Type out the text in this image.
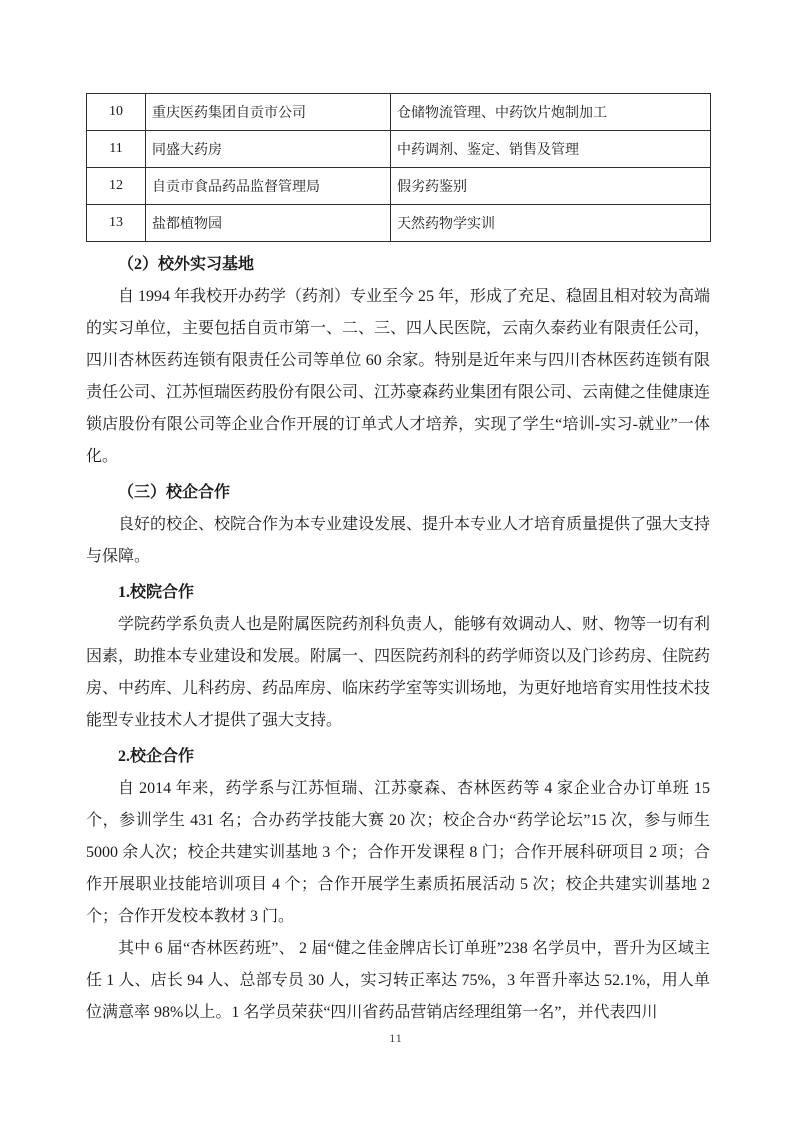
10	重庆医药集团自贡市公司	仓储物流管理、中药饮片炮制加工
11	同盛大药房	中药调剂、鉴定、销售及管理
12	自贡市食品药品监督管理局	假劣药鉴别
13	盐都植物园	天然药物学实训
（2）校外实习基地

自 1994 年我校开办药学（药剂）专业至今 25 年，形成了充足、稳固且相对较为高端的实习单位，主要包括自贡市第一、二、三、四人民医院，云南久泰药业有限责任公司，四川杏林医药连锁有限责任公司等单位 60 余家。特别是近年来与四川杏林医药连锁有限责任公司、江苏恒瑞医药股份有限公司、江苏豪森药业集团有限公司、云南健之佳健康连锁店股份有限公司等企业合作开展的订单式人才培养，实现了学生“培训-实习-就业”一体化。

（三）校企合作

良好的校企、校院合作为本专业建设发展、提升本专业人才培育质量提供了强大支持与保障。

1.校院合作

学院药学系负责人也是附属医院药剂科负责人，能够有效调动人、财、物等一切有利因素，助推本专业建设和发展。附属一、四医院药剂科的药学师资以及门诊药房、住院药房、中药库、儿科药房、药品库房、临床药学室等实训场地，为更好地培育实用性技术技能型专业技术人才提供了强大支持。

2.校企合作

自 2014 年来，药学系与江苏恒瑞、江苏豪森、杏林医药等 4 家企业合办订单班 15 个，参训学生 431 名；合办药学技能大赛 20 次；校企合办“药学论坛”15 次，参与师生 5000 余人次；校企共建实训基地 3 个；合作开发课程 8 门；合作开展科研项目 2 项；合作开展职业技能培训项目 4 个；合作开展学生素质拓展活动 5 次；校企共建实训基地 2 个；合作开发校本教材 3 门。

其中 6 届“杏林医药班”、 2 届“健之佳金牌店长订单班”238 名学员中，晋升为区域主任 1 人、店长 94 人、总部专员 30 人，实习转正率达 75%，3 年晋升率达 52.1%，用人单位满意率 98%以上。1 名学员荣获“四川省药品营销店经理组第一名”，并代表四川

11
